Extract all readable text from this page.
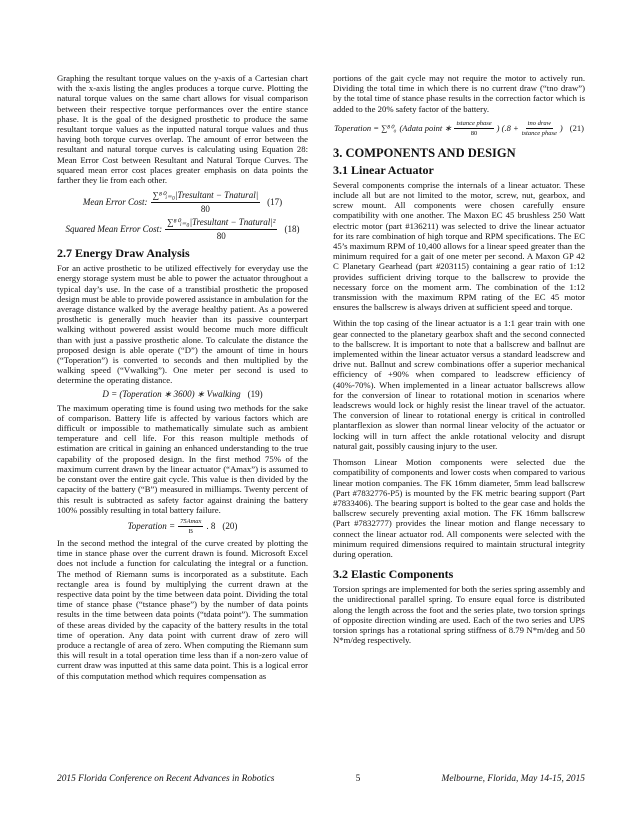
Graphing the resultant torque values on the y-axis of a Cartesian chart with the x-axis listing the angles produces a torque curve. Plotting the natural torque values on the same chart allows for visual comparison between their respective torque performances over the entire stance phase. It is the goal of the designed prosthetic to produce the same resultant torque values as the inputted natural torque values and thus having both torque curves overlap. The amount of error between the resultant and natural torque curves is calculating using Equation 28: Mean Error Cost between Resultant and Natural Torque Curves. The squared mean error cost places greater emphasis on data points the farther they lie from each other.

Mean Error Cost: $\frac{\text{∑⁸⁰ᵢ₌₀|Tresultant − Tnatural|}}{80} (17)$
Squared Mean Error Cost: $\frac{\text{∑⁸⁰ᵢ₌₀|Tresultant − Tnatural|²}}{80} (18)$
2.7 Energy Draw Analysis

For an active prosthetic to be utilized effectively for everyday use the energy storage system must be able to power the actuator throughout a typical day’s use. In the case of a transtibial prosthetic the proposed design must be able to provide powered assistance in ambulation for the average distance walked by the average healthy patient. As a powered prosthetic is generally much heavier than its passive counterpart walking without powered assist would become much more difficult than with just a passive prosthetic alone. To calculate the distance the proposed design is able operate (“D”) the amount of time in hours (“Toperation”) is converted to seconds and then multiplied by the walking speed (“Vwalking”). One meter per second is used to determine the operating distance.

D = (Toperation ∗ 3600) ∗ Vwalking (19)

The maximum operating time is found using two methods for the sake of comparison. Battery life is affected by various factors which are difficult or impossible to mathematically simulate such as ambient temperature and cell life. For this reason multiple methods of estimation are critical in gaining an enhanced understanding to the true capability of the proposed design. In the first method 75% of the maximum current drawn by the linear actuator (“Amax”) is assumed to be constant over the entire gait cycle. This value is then divided by the capacity of the battery (“B”) measured in milliamps. Twenty percent of this result is subtracted as safety factor against draining the battery 100% possibly resulting in total battery failure.

Toperation = $\frac{75Amax}{B}$ . 8 (20)

In the second method the integral of the curve created by plotting the time in stance phase over the current drawn is found. Microsoft Excel does not include a function for calculating the integral or a function. The method of Riemann sums is incorporated as a substitute. Each rectangle area is found by multiplying the current drawn at the respective data point by the time between data point. Dividing the total time of stance phase (“tstance phase”) by the number of data points results in the time between data points (“tdata point”). The summation of these areas divided by the capacity of the battery results in the total time of operation. Any data point with current draw of zero will produce a rectangle of area of zero. When computing the Riemann sum this will result in a total operation time less than if a non-zero value of current draw was inputted at this same data point. This is a logical error of this computation method which requires compensation as

portions of the gait cycle may not require the motor to actively run. Dividing the total time in which there is no current draw (“tno draw”) by the total time of stance phase results in the correction factor which is added to the 20% safety factor of the battery.

Toperation = ∑⁸⁰₀ (Adata point ∗ $\frac{\text{tstance phase}}{80}$ ) ($.8 + \frac{\text{tno draw}}{\text{tstance phase}}$ ) (21)
3. COMPONENTS AND DESIGN
3.1 Linear Actuator

Several components comprise the internals of a linear actuator. These include all but are not limited to the motor, screw, nut, gearbox, and screw mount. All components were chosen carefully ensure compatibility with one another. The Maxon EC 45 brushless 250 Watt electric motor (part #136211) was selected to drive the linear actuator for its rare combination of high torque and RPM specifications. The EC 45’s maximum RPM of 10,400 allows for a linear speed greater than the minimum required for a gait of one meter per second. A Maxon GP 42 C Planetary Gearhead (part #203115) containing a gear ratio of 1:12 provides sufficient driving torque to the ballscrew to provide the necessary force on the moment arm. The combination of the 1:12 transmission with the maximum RPM rating of the EC 45 motor ensures the ballscrew is always driven at sufficient speed and torque.

Within the top casing of the linear actuator is a 1:1 gear train with one gear connected to the planetary gearbox shaft and the second connected to the ballscrew. It is important to note that a ballscrew and ballnut are implemented within the linear actuator versus a standard leadscrew and drive nut. Ballnut and screw combinations offer a superior mechanical efficiency of +90% when compared to leadscrew efficiency of (40%-70%). When implemented in a linear actuator ballscrews allow for the conversion of linear to rotational motion in scenarios where leadscrews would lock or highly resist the linear travel of the actuator. The conversion of linear to rotational energy is critical in controlled plantarflexion as slower than normal linear velocity of the actuator or locking will in turn affect the ankle rotational velocity and disrupt natural gait, possibly causing injury to the user.

Thomson Linear Motion components were selected due the compatibility of components and lower costs when compared to various linear motion companies. The FK 16mm diameter, 5mm lead ballscrew (Part #7832776-P5) is mounted by the FK metric bearing support (Part #7833406). The bearing support is bolted to the gear case and holds the ballscrew securely preventing axial motion. The FK 16mm ballscrew (Part #7832777) provides the linear motion and flange necessary to connect the linear actuator rod. All components were selected with the minimum required dimensions required to maintain structural integrity during operation.

3.2 Elastic Components

Torsion springs are implemented for both the series spring assembly and the unidirectional parallel spring. To ensure equal force is distributed along the length across the foot and the series plate, two torsion springs of opposite direction winding are used. Each of the two series and UPS torsion springs has a rotational spring stiffness of 8.79 N*m/deg and 50 N*m/deg respectively.

2015 Florida Conference on Recent Advances in Robotics	5	Melbourne, Florida, May 14-15, 2015
